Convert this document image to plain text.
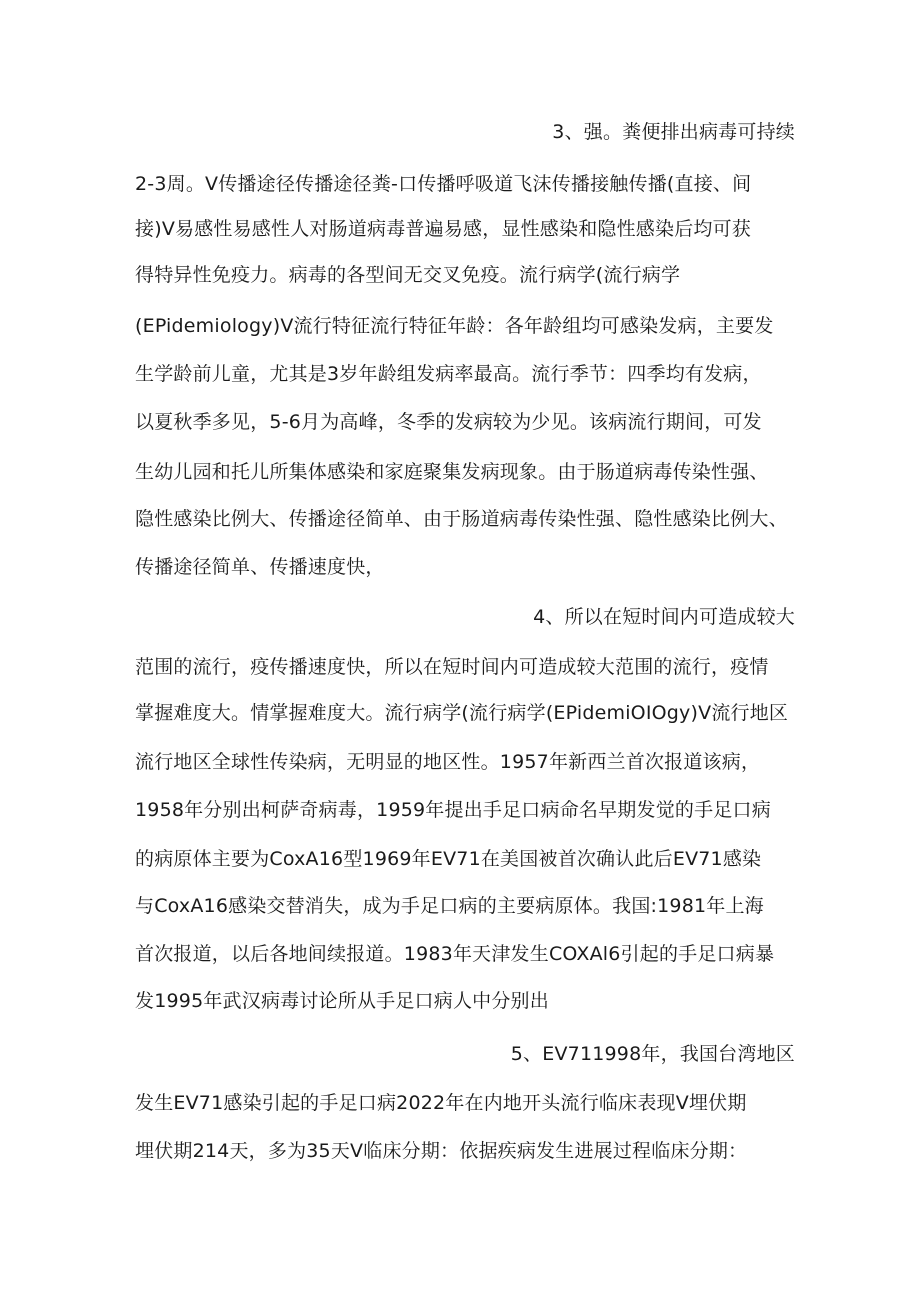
3、强。粪便排出病毒可持续
2-3周。V传播途径传播途径粪-口传播呼吸道飞沫传播接触传播(直接、间
接)V易感性易感性人对肠道病毒普遍易感，显性感染和隐性感染后均可获
得特异性免疫力。病毒的各型间无交叉免疫。流行病学(流行病学
(EPidemiology)V流行特征流行特征年龄：各年龄组均可感染发病，主要发
生学龄前儿童，尤其是3岁年龄组发病率最高。流行季节：四季均有发病，
以夏秋季多见，5-6月为高峰，冬季的发病较为少见。该病流行期间，可发
生幼儿园和托儿所集体感染和家庭聚集发病现象。由于肠道病毒传染性强、
隐性感染比例大、传播途径简单、由于肠道病毒传染性强、隐性感染比例大、
传播途径简单、传播速度快，
4、所以在短时间内可造成较大
范围的流行，疫传播速度快，所以在短时间内可造成较大范围的流行，疫情
掌握难度大。情掌握难度大。流行病学(流行病学(EPidemiOIOgy)V流行地区
流行地区全球性传染病，无明显的地区性。1957年新西兰首次报道该病，
1958年分别出柯萨奇病毒，1959年提出手足口病命名早期发觉的手足口病
的病原体主要为CoxA16型1969年EV71在美国被首次确认此后EV71感染
与CoxA16感染交替消失，成为手足口病的主要病原体。我国:1981年上海
首次报道，以后各地间续报道。1983年天津发生COXAl6引起的手足口病暴
发1995年武汉病毒讨论所从手足口病人中分别出
5、EV711998年，我国台湾地区
发生EV71感染引起的手足口病2022年在内地开头流行临床表现V埋伏期
埋伏期214天，多为35天V临床分期：依据疾病发生进展过程临床分期：
